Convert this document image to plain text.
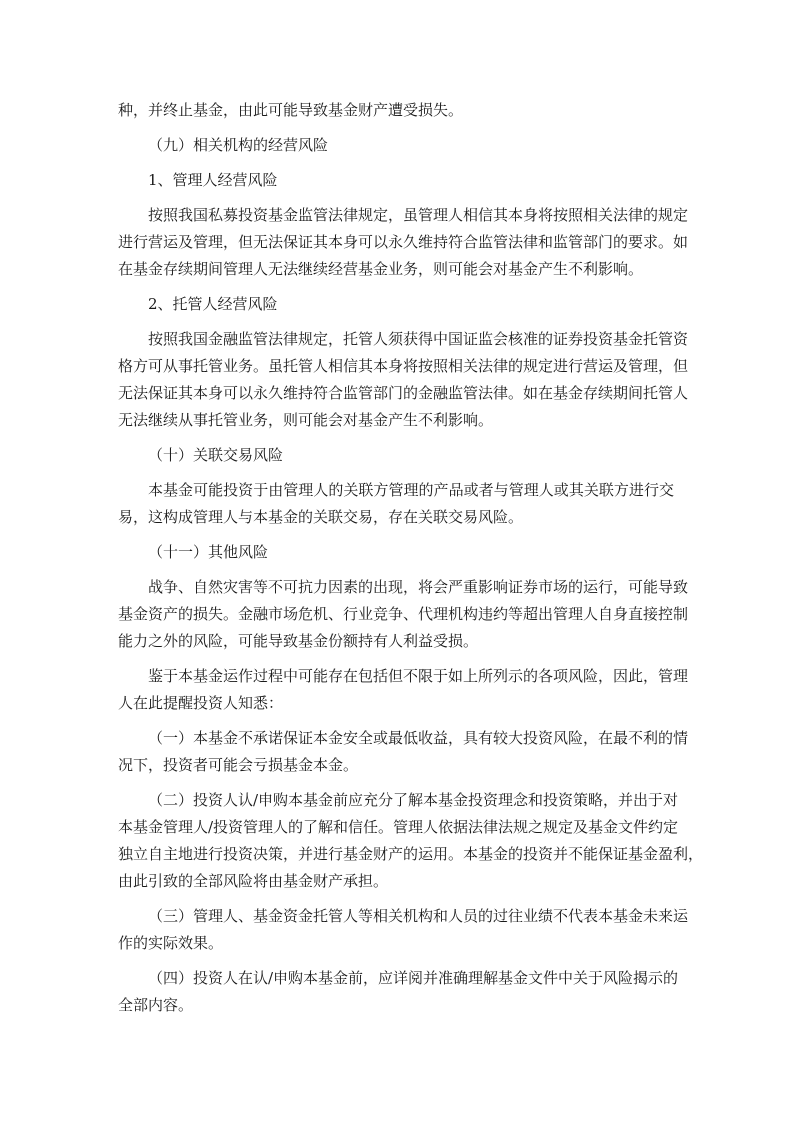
种，并终止基金，由此可能导致基金财产遭受损失。
（九）相关机构的经营风险
1、管理人经营风险
按照我国私募投资基金监管法律规定，虽管理人相信其本身将按照相关法律的规定
进行营运及管理，但无法保证其本身可以永久维持符合监管法律和监管部门的要求。如
在基金存续期间管理人无法继续经营基金业务，则可能会对基金产生不利影响。
2、托管人经营风险
按照我国金融监管法律规定，托管人须获得中国证监会核准的证券投资基金托管资
格方可从事托管业务。虽托管人相信其本身将按照相关法律的规定进行营运及管理，但
无法保证其本身可以永久维持符合监管部门的金融监管法律。如在基金存续期间托管人
无法继续从事托管业务，则可能会对基金产生不利影响。
（十）关联交易风险
本基金可能投资于由管理人的关联方管理的产品或者与管理人或其关联方进行交
易，这构成管理人与本基金的关联交易，存在关联交易风险。
（十一）其他风险
战争、自然灾害等不可抗力因素的出现，将会严重影响证券市场的运行，可能导致
基金资产的损失。金融市场危机、行业竞争、代理机构违约等超出管理人自身直接控制
能力之外的风险，可能导致基金份额持有人利益受损。
鉴于本基金运作过程中可能存在包括但不限于如上所列示的各项风险，因此，管理
人在此提醒投资人知悉：
（一）本基金不承诺保证本金安全或最低收益，具有较大投资风险，在最不利的情
况下，投资者可能会亏损基金本金。
（二）投资人认/申购本基金前应充分了解本基金投资理念和投资策略，并出于对
本基金管理人/投资管理人的了解和信任。管理人依据法律法规之规定及基金文件约定
独立自主地进行投资决策，并进行基金财产的运用。本基金的投资并不能保证基金盈利，
由此引致的全部风险将由基金财产承担。
（三）管理人、基金资金托管人等相关机构和人员的过往业绩不代表本基金未来运
作的实际效果。
（四）投资人在认/申购本基金前，应详阅并准确理解基金文件中关于风险揭示的
全部内容。
